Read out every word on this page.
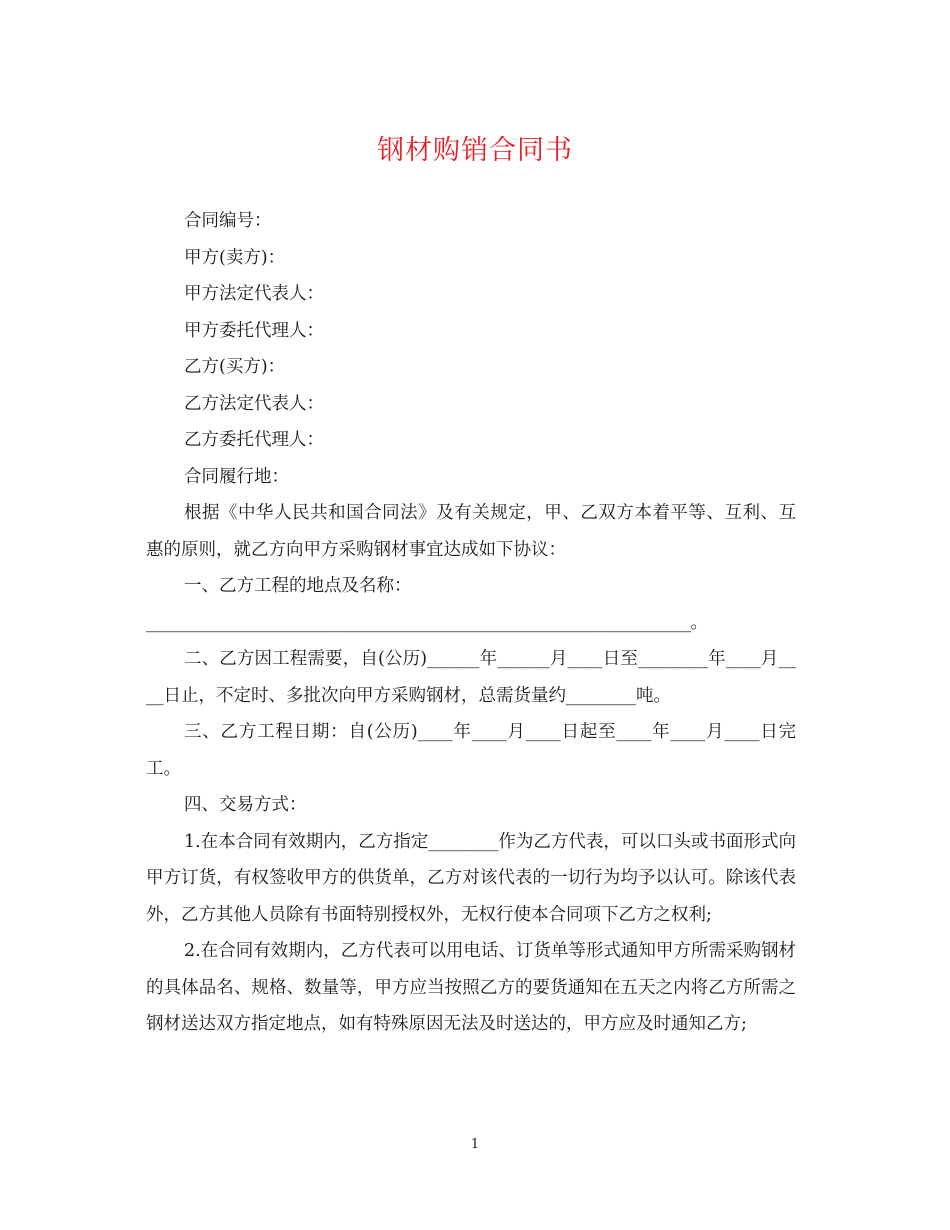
钢材购销合同书

合同编号：

甲方(卖方)：

甲方法定代表人：

甲方委托代理人：

乙方(买方)：

乙方法定代表人：

乙方委托代理人：

合同履行地：

根据《中华人民共和国合同法》及有关规定，甲、乙双方本着平等、互利、互惠的原则，就乙方向甲方采购钢材事宜达成如下协议：

一、乙方工程的地点及名称：

__________________________________________________________________。

二、乙方因工程需要，自(公历)______年______月____日至________年____月____日止，不定时、多批次向甲方采购钢材，总需货量约________吨。

三、乙方工程日期：自(公历)____年____月____日起至____年____月____日完工。

四、交易方式：

1.在本合同有效期内，乙方指定________作为乙方代表，可以口头或书面形式向甲方订货，有权签收甲方的供货单，乙方对该代表的一切行为均予以认可。除该代表外，乙方其他人员除有书面特别授权外，无权行使本合同项下乙方之权利;

2.在合同有效期内，乙方代表可以用电话、订货单等形式通知甲方所需采购钢材的具体品名、规格、数量等，甲方应当按照乙方的要货通知在五天之内将乙方所需之钢材送达双方指定地点，如有特殊原因无法及时送达的，甲方应及时通知乙方;

1
